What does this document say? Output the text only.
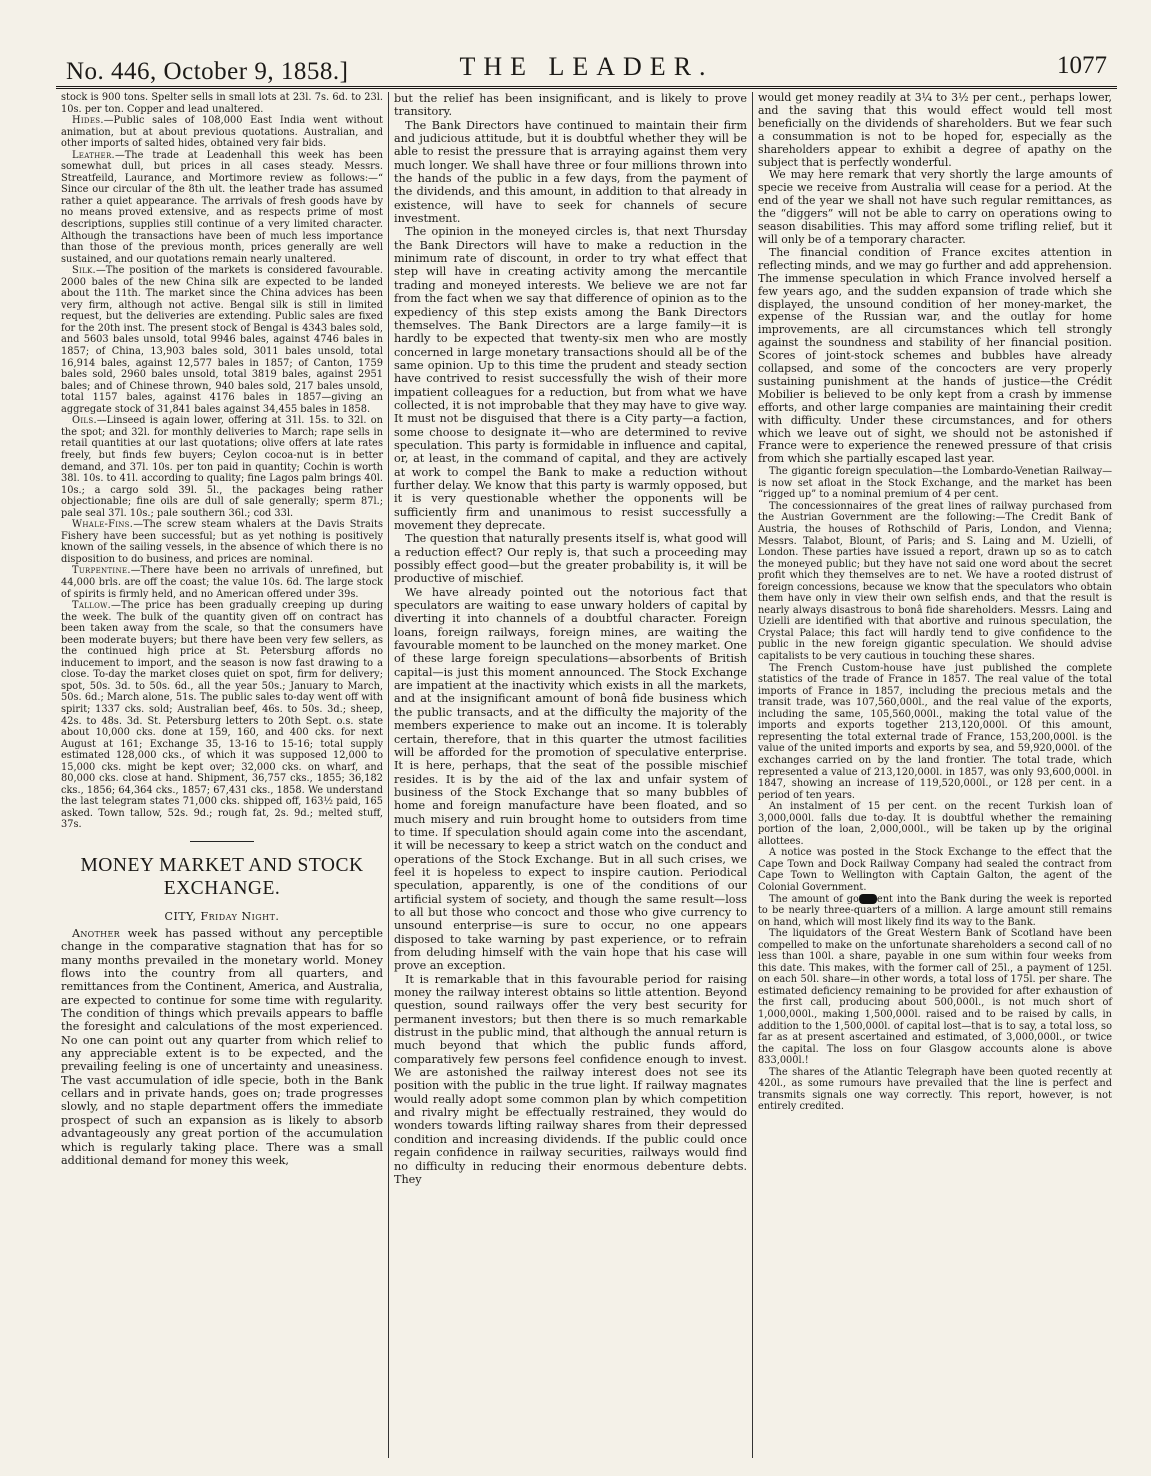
No. 446, October 9, 1858.]	THE LEADER.	1077

stock is 900 tons. Spelter sells in small lots at 23l. 7s. 6d. to 23l. 10s. per ton. Copper and lead unaltered.

Hides.—Public sales of 108,000 East India went without animation, but at about previous quotations. Australian, and other imports of salted hides, obtained very fair bids.

Leather.—The trade at Leadenhall this week has been somewhat dull, but prices in all cases steady. Messrs. Streatfeild, Laurance, and Mortimore review as follows:—“ Since our circular of the 8th ult. the leather trade has assumed rather a quiet appearance. The arrivals of fresh goods have by no means proved extensive, and as respects prime of most descriptions, supplies still continue of a very limited character. Although the transactions have been of much less importance than those of the previous month, prices generally are well sustained, and our quotations remain nearly unaltered.

Silk.—The position of the markets is considered favourable. 2000 bales of the new China silk are expected to be landed about the 11th. The market since the China advices has been very firm, although not active. Bengal silk is still in limited request, but the deliveries are extending. Public sales are fixed for the 20th inst. The present stock of Bengal is 4343 bales sold, and 5603 bales unsold, total 9946 bales, against 4746 bales in 1857; of China, 13,903 bales sold, 3011 bales unsold, total 16,914 bales, against 12,577 bales in 1857; of Canton, 1759 bales sold, 2960 bales unsold, total 3819 bales, against 2951 bales; and of Chinese thrown, 940 bales sold, 217 bales unsold, total 1157 bales, against 4176 bales in 1857—giving an aggregate stock of 31,841 bales against 34,455 bales in 1858.

Oils.—Linseed is again lower, offering at 31l. 15s. to 32l. on the spot; and 32l. for monthly deliveries to March; rape sells in retail quantities at our last quotations; olive offers at late rates freely, but finds few buyers; Ceylon cocoa-nut is in better demand, and 37l. 10s. per ton paid in quantity; Cochin is worth 38l. 10s. to 41l. according to quality; fine Lagos palm brings 40l. 10s.; a cargo sold 39l. 5l., the packages being rather objectionable; fine oils are dull of sale generally; sperm 87l.; pale seal 37l. 10s.; pale southern 36l.; cod 33l.

Whale-Fins.—The screw steam whalers at the Davis Straits Fishery have been successful; but as yet nothing is positively known of the sailing vessels, in the absence of which there is no disposition to do business, and prices are nominal.

Turpentine.—There have been no arrivals of unrefined, but 44,000 brls. are off the coast; the value 10s. 6d. The large stock of spirits is firmly held, and no American offered under 39s.

Tallow.—The price has been gradually creeping up during the week. The bulk of the quantity given off on contract has been taken away from the scale, so that the consumers have been moderate buyers; but there have been very few sellers, as the continued high price at St. Petersburg affords no inducement to import, and the season is now fast drawing to a close. To-day the market closes quiet on spot, firm for delivery; spot, 50s. 3d. to 50s. 6d., all the year 50s.; January to March, 50s. 6d.; March alone, 51s. The public sales to-day went off with spirit; 1337 cks. sold; Australian beef, 46s. to 50s. 3d.; sheep, 42s. to 48s. 3d. St. Petersburg letters to 20th Sept. o.s. state about 10,000 cks. done at 159, 160, and 400 cks. for next August at 161; Exchange 35, 13-16 to 15-16; total supply estimated 128,000 cks., of which it was supposed 12,000 to 15,000 cks. might be kept over; 32,000 cks. on wharf, and 80,000 cks. close at hand. Shipment, 36,757 cks., 1855; 36,182 cks., 1856; 64,364 cks., 1857; 67,431 cks., 1858. We understand the last telegram states 71,000 cks. shipped off, 163½ paid, 165 asked. Town tallow, 52s. 9d.; rough fat, 2s. 9d.; melted stuff, 37s.

MONEY MARKET AND STOCK EXCHANGE.
CITY, Friday Night.

Another week has passed without any perceptible change in the comparative stagnation that has for so many months prevailed in the monetary world. Money flows into the country from all quarters, and remittances from the Continent, America, and Australia, are expected to continue for some time with regularity. The condition of things which prevails appears to baffle the foresight and calculations of the most experienced. No one can point out any quarter from which relief to any appreciable extent is to be expected, and the prevailing feeling is one of uncertainty and uneasiness. The vast accumulation of idle specie, both in the Bank cellars and in private hands, goes on; trade progresses slowly, and no staple department offers the immediate prospect of such an expansion as is likely to absorb advantageously any great portion of the accumulation which is regularly taking place. There was a small additional demand for money this week,

but the relief has been insignificant, and is likely to prove transitory.

The Bank Directors have continued to maintain their firm and judicious attitude, but it is doubtful whether they will be able to resist the pressure that is arraying against them very much longer. We shall have three or four millions thrown into the hands of the public in a few days, from the payment of the dividends, and this amount, in addition to that already in existence, will have to seek for channels of secure investment.

The opinion in the moneyed circles is, that next Thursday the Bank Directors will have to make a reduction in the minimum rate of discount, in order to try what effect that step will have in creating activity among the mercantile trading and moneyed interests. We believe we are not far from the fact when we say that difference of opinion as to the expediency of this step exists among the Bank Directors themselves. The Bank Directors are a large family—it is hardly to be expected that twenty-six men who are mostly concerned in large monetary transactions should all be of the same opinion. Up to this time the prudent and steady section have contrived to resist successfully the wish of their more impatient colleagues for a reduction, but from what we have collected, it is not improbable that they may have to give way. It must not be disguised that there is a City party—a faction, some choose to designate it—who are determined to revive speculation. This party is formidable in influence and capital, or, at least, in the command of capital, and they are actively at work to compel the Bank to make a reduction without further delay. We know that this party is warmly opposed, but it is very questionable whether the opponents will be sufficiently firm and unanimous to resist successfully a movement they deprecate.

The question that naturally presents itself is, what good will a reduction effect? Our reply is, that such a proceeding may possibly effect good—but the greater probability is, it will be productive of mischief.

We have already pointed out the notorious fact that speculators are waiting to ease unwary holders of capital by diverting it into channels of a doubtful character. Foreign loans, foreign railways, foreign mines, are waiting the favourable moment to be launched on the money market. One of these large foreign speculations—absorbents of British capital—is just this moment announced. The Stock Exchange are impatient at the inactivity which exists in all the markets, and at the insignificant amount of bonâ fide business which the public transacts, and at the difficulty the majority of the members experience to make out an income. It is tolerably certain, therefore, that in this quarter the utmost facilities will be afforded for the promotion of speculative enterprise. It is here, perhaps, that the seat of the possible mischief resides. It is by the aid of the lax and unfair system of business of the Stock Exchange that so many bubbles of home and foreign manufacture have been floated, and so much misery and ruin brought home to outsiders from time to time. If speculation should again come into the ascendant, it will be necessary to keep a strict watch on the conduct and operations of the Stock Exchange. But in all such crises, we feel it is hopeless to expect to inspire caution. Periodical speculation, apparently, is one of the conditions of our artificial system of society, and though the same result—loss to all but those who concoct and those who give currency to unsound enterprise—is sure to occur, no one appears disposed to take warning by past experience, or to refrain from deluding himself with the vain hope that his case will prove an exception.

It is remarkable that in this favourable period for raising money the railway interest obtains so little attention. Beyond question, sound railways offer the very best security for permanent investors; but then there is so much remarkable distrust in the public mind, that although the annual return is much beyond that which the public funds afford, comparatively few persons feel confidence enough to invest. We are astonished the railway interest does not see its position with the public in the true light. If railway magnates would really adopt some common plan by which competition and rivalry might be effectually restrained, they would do wonders towards lifting railway shares from their depressed condition and increasing dividends. If the public could once regain confidence in railway securities, railways would find no difficulty in reducing their enormous debenture debts. They

would get money readily at 3¼ to 3½ per cent., perhaps lower, and the saving that this would effect would tell most beneficially on the dividends of shareholders. But we fear such a consummation is not to be hoped for, especially as the shareholders appear to exhibit a degree of apathy on the subject that is perfectly wonderful.

We may here remark that very shortly the large amounts of specie we receive from Australia will cease for a period. At the end of the year we shall not have such regular remittances, as the “diggers” will not be able to carry on operations owing to season disabilities. This may afford some trifling relief, but it will only be of a temporary character.

The financial condition of France excites attention in reflecting minds, and we may go further and add apprehension. The immense speculation in which France involved herself a few years ago, and the sudden expansion of trade which she displayed, the unsound condition of her money-market, the expense of the Russian war, and the outlay for home improvements, are all circumstances which tell strongly against the soundness and stability of her financial position. Scores of joint-stock schemes and bubbles have already collapsed, and some of the concocters are very properly sustaining punishment at the hands of justice—the Crédit Mobilier is believed to be only kept from a crash by immense efforts, and other large companies are maintaining their credit with difficulty. Under these circumstances, and for others which we leave out of sight, we should not be astonished if France were to experience the renewed pressure of that crisis from which she partially escaped last year.

The gigantic foreign speculation—the Lombardo-Venetian Railway—is now set afloat in the Stock Exchange, and the market has been “rigged up” to a nominal premium of 4 per cent.

The concessionnaires of the great lines of railway purchased from the Austrian Government are the following:—The Credit Bank of Austria, the houses of Rothschild of Paris, London, and Vienna; Messrs. Talabot, Blount, of Paris; and S. Laing and M. Uzielli, of London. These parties have issued a report, drawn up so as to catch the moneyed public; but they have not said one word about the secret profit which they themselves are to net. We have a rooted distrust of foreign concessions, because we know that the speculators who obtain them have only in view their own selfish ends, and that the result is nearly always disastrous to bonâ fide shareholders. Messrs. Laing and Uzielli are identified with that abortive and ruinous speculation, the Crystal Palace; this fact will hardly tend to give confidence to the public in the new foreign gigantic speculation. We should advise capitalists to be very cautious in touching these shares.

The French Custom-house have just published the complete statistics of the trade of France in 1857. The real value of the total imports of France in 1857, including the precious metals and the transit trade, was 107,560,000l., and the real value of the exports, including the same, 105,560,000l., making the total value of the imports and exports together 213,120,000l. Of this amount, representing the total external trade of France, 153,200,000l. is the value of the united imports and exports by sea, and 59,920,000l. of the exchanges carried on by the land frontier. The total trade, which represented a value of 213,120,000l. in 1857, was only 93,600,000l. in 1847, showing an increase of 119,520,000l., or 128 per cent. in a period of ten years.

An instalment of 15 per cent. on the recent Turkish loan of 3,000,000l. falls due to-day. It is doubtful whether the remaining portion of the loan, 2,000,000l., will be taken up by the original allottees.

A notice was posted in the Stock Exchange to the effect that the Cape Town and Dock Railway Company had sealed the contract from Cape Town to Wellington with Captain Galton, the agent of the Colonial Government.

The amount of go ent into the Bank during the week is reported to be nearly three-quarters of a million. A large amount still remains on hand, which will most likely find its way to the Bank.

The liquidators of the Great Western Bank of Scotland have been compelled to make on the unfortunate shareholders a second call of no less than 100l. a share, payable in one sum within four weeks from this date. This makes, with the former call of 25l., a payment of 125l. on each 50l. share—in other words, a total loss of 175l. per share. The estimated deficiency remaining to be provided for after exhaustion of the first call, producing about 500,000l., is not much short of 1,000,000l., making 1,500,000l. raised and to be raised by calls, in addition to the 1,500,000l. of capital lost—that is to say, a total loss, so far as at present ascertained and estimated, of 3,000,000l., or twice the capital. The loss on four Glasgow accounts alone is above 833,000l.!

The shares of the Atlantic Telegraph have been quoted recently at 420l., as some rumours have prevailed that the line is perfect and transmits signals one way correctly. This report, however, is not entirely credited.
